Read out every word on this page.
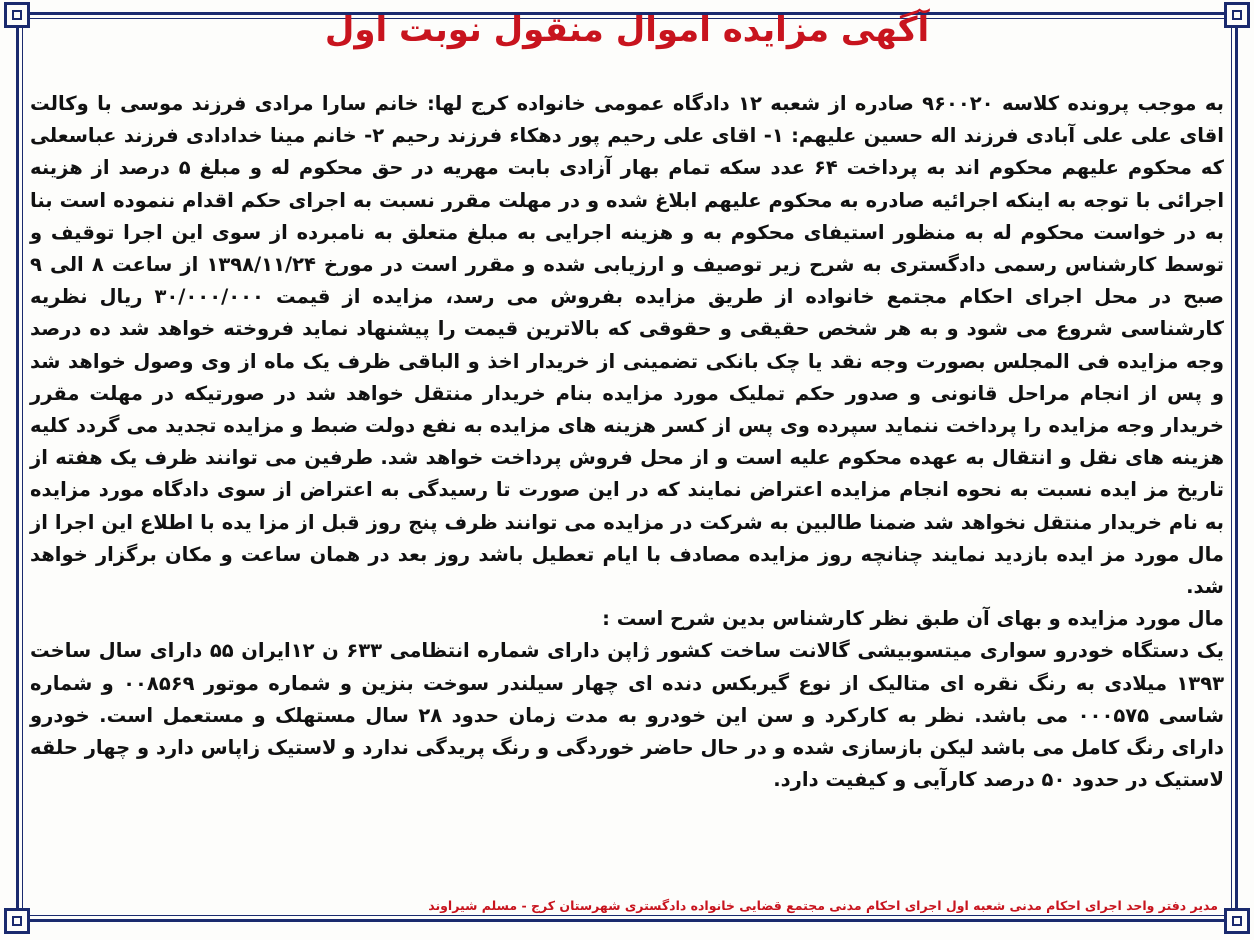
آگهی مزایده اموال منقول نوبت اول

به موجب پرونده کلاسه ۹۶۰۰۲۰ صادره از شعبه ۱۲ دادگاه عمومی خانواده کرج لها: خانم سارا مرادی فرزند موسی با وکالت اقای علی علی آبادی فرزند اله حسین علیهم: ۱- اقای علی رحیم پور دهکاء فرزند رحیم ۲- خانم مینا خدادادی فرزند عباسعلی که محکوم علیهم محکوم اند به پرداخت ۶۴ عدد سکه تمام بهار آزادی بابت مهریه در حق محکوم له و مبلغ ۵ درصد از هزینه اجرائی با توجه به اینکه اجرائیه صادره به محکوم علیهم ابلاغ شده و در مهلت مقرر نسبت به اجرای حکم اقدام ننموده است بنا به در خواست محکوم له به منظور استیفای محکوم به و هزینه اجرایی به مبلغ متعلق به نامبرده از سوی این اجرا توقیف و توسط کارشناس رسمی دادگستری به شرح زیر توصیف و ارزیابی شده و مقرر است در مورخ ۱۳۹۸/۱۱/۲۴ از ساعت ۸ الی ۹ صبح در محل اجرای احکام مجتمع خانواده از طریق مزایده بفروش می رسد، مزایده از قیمت ۳۰/۰۰۰/۰۰۰ ریال نظریه کارشناسی شروع می شود و به هر شخص حقیقی و حقوقی که بالاترین قیمت را پیشنهاد نماید فروخته خواهد شد ده درصد وجه مزایده فی المجلس بصورت وجه نقد یا چک بانکی تضمینی از خریدار اخذ و الباقی ظرف یک ماه از وی وصول خواهد شد و پس از انجام مراحل قانونی و صدور حکم تملیک مورد مزایده بنام خریدار منتقل خواهد شد در صورتیکه در مهلت مقرر خریدار وجه مزایده را پرداخت ننماید سپرده وی پس از کسر هزینه های مزایده به نفع دولت ضبط و مزایده تجدید می گردد کلیه هزینه های نقل و انتقال به عهده محکوم علیه است و از محل فروش پرداخت خواهد شد. طرفین می توانند ظرف یک هفته از تاریخ مز ایده نسبت به نحوه انجام مزایده اعتراض نمایند که در این صورت تا رسیدگی به اعتراض از سوی دادگاه مورد مزایده به نام خریدار منتقل نخواهد شد ضمنا طالبین به شرکت در مزایده می توانند ظرف پنج روز قبل از مزا یده با اطلاع این اجرا از مال مورد مز ایده بازدید نمایند چنانچه روز مزایده مصادف با ایام تعطیل باشد روز بعد در همان ساعت و مکان برگزار خواهد شد.

مال مورد مزایده و بهای آن طبق نظر کارشناس بدین شرح است :

یک دستگاه خودرو سواری میتسوبیشی گالانت ساخت کشور ژاپن دارای شماره انتظامی ۶۳۳ ن ۱۲ایران ۵۵ دارای سال ساخت ۱۳۹۳ میلادی به رنگ نقره ای متالیک از نوع گیربکس دنده ای چهار سیلندر سوخت بنزین و شماره موتور ۰۰۸۵۶۹ و شماره شاسی ۰۰۰۵۷۵ می باشد. نظر به کارکرد و سن این خودرو به مدت زمان حدود ۲۸ سال مستهلک و مستعمل است. خودرو دارای رنگ کامل می باشد لیکن بازسازی شده و در حال حاضر خوردگی و رنگ پریدگی ندارد و لاستیک زاپاس دارد و چهار حلقه لاستیک در حدود ۵۰ درصد کارآیی و کیفیت دارد.

مدیر دفتر واحد اجرای احکام مدنی شعبه اول اجرای احکام مدنی مجتمع قضایی خانواده دادگستری شهرستان کرج - مسلم شیراوند
